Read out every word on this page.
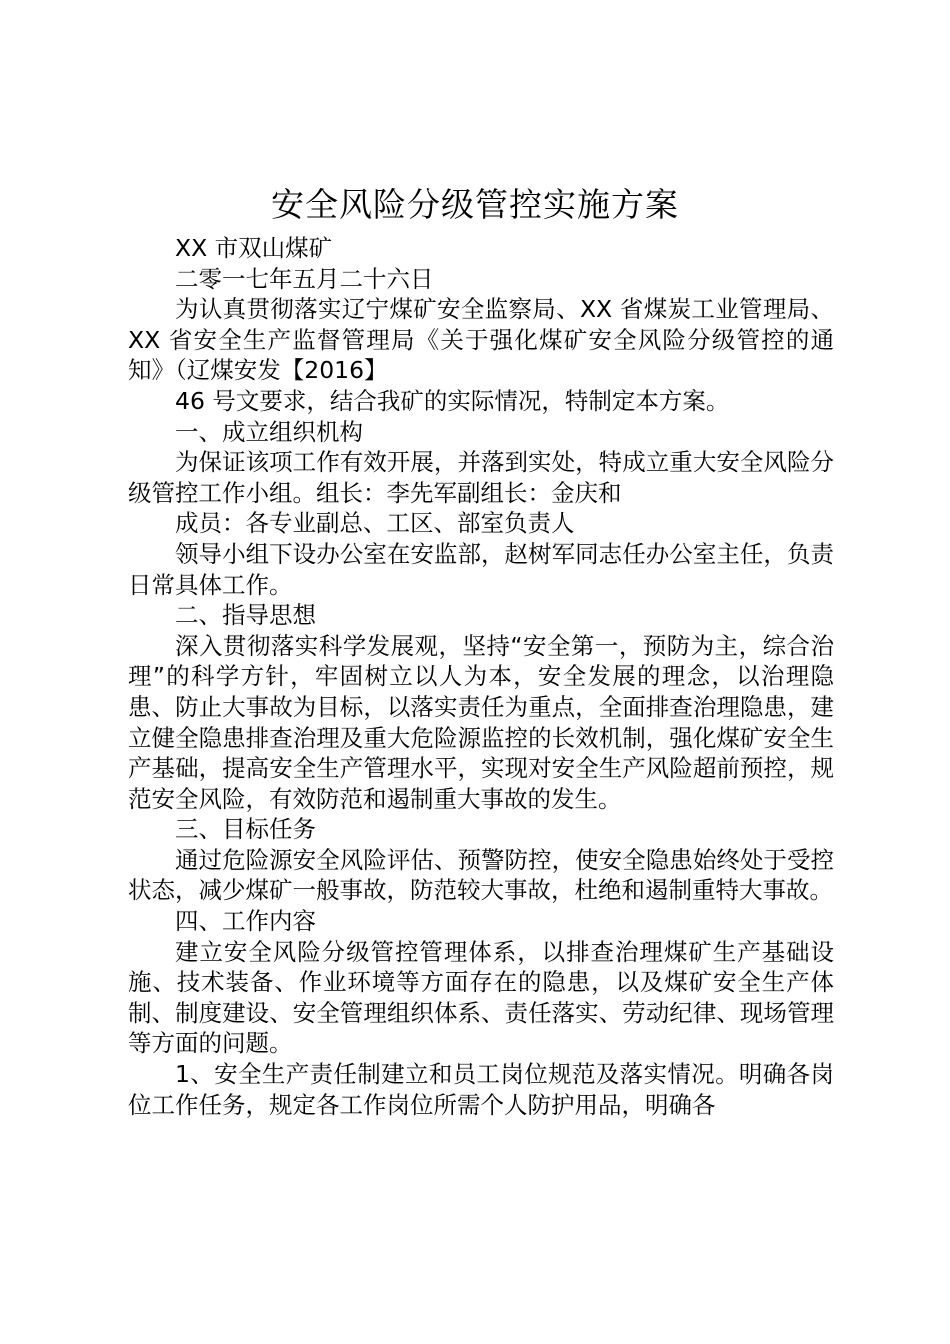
安全风险分级管控实施方案

XX 市双山煤矿

二零一七年五月二十六日

为认真贯彻落实辽宁煤矿安全监察局、XX 省煤炭工业管理局、XX 省安全生产监督管理局《关于强化煤矿安全风险分级管控的通知》（辽煤安发【2016】

46 号文要求，结合我矿的实际情况，特制定本方案。

一、成立组织机构

为保证该项工作有效开展，并落到实处，特成立重大安全风险分级管控工作小组。组长：李先军副组长：金庆和

成员：各专业副总、工区、部室负责人

领导小组下设办公室在安监部，赵树军同志任办公室主任，负责日常具体工作。

二、指导思想

深入贯彻落实科学发展观，坚持“安全第一，预防为主，综合治理”的科学方针，牢固树立以人为本，安全发展的理念，以治理隐患、防止大事故为目标，以落实责任为重点，全面排查治理隐患，建立健全隐患排查治理及重大危险源监控的长效机制，强化煤矿安全生产基础，提高安全生产管理水平，实现对安全生产风险超前预控，规范安全风险，有效防范和遏制重大事故的发生。

三、目标任务

通过危险源安全风险评估、预警防控，使安全隐患始终处于受控状态，减少煤矿一般事故，防范较大事故，杜绝和遏制重特大事故。

四、工作内容

建立安全风险分级管控管理体系，以排查治理煤矿生产基础设施、技术装备、作业环境等方面存在的隐患，以及煤矿安全生产体制、制度建设、安全管理组织体系、责任落实、劳动纪律、现场管理等方面的问题。

1、安全生产责任制建立和员工岗位规范及落实情况。明确各岗位工作任务，规定各工作岗位所需个人防护用品，明确各
